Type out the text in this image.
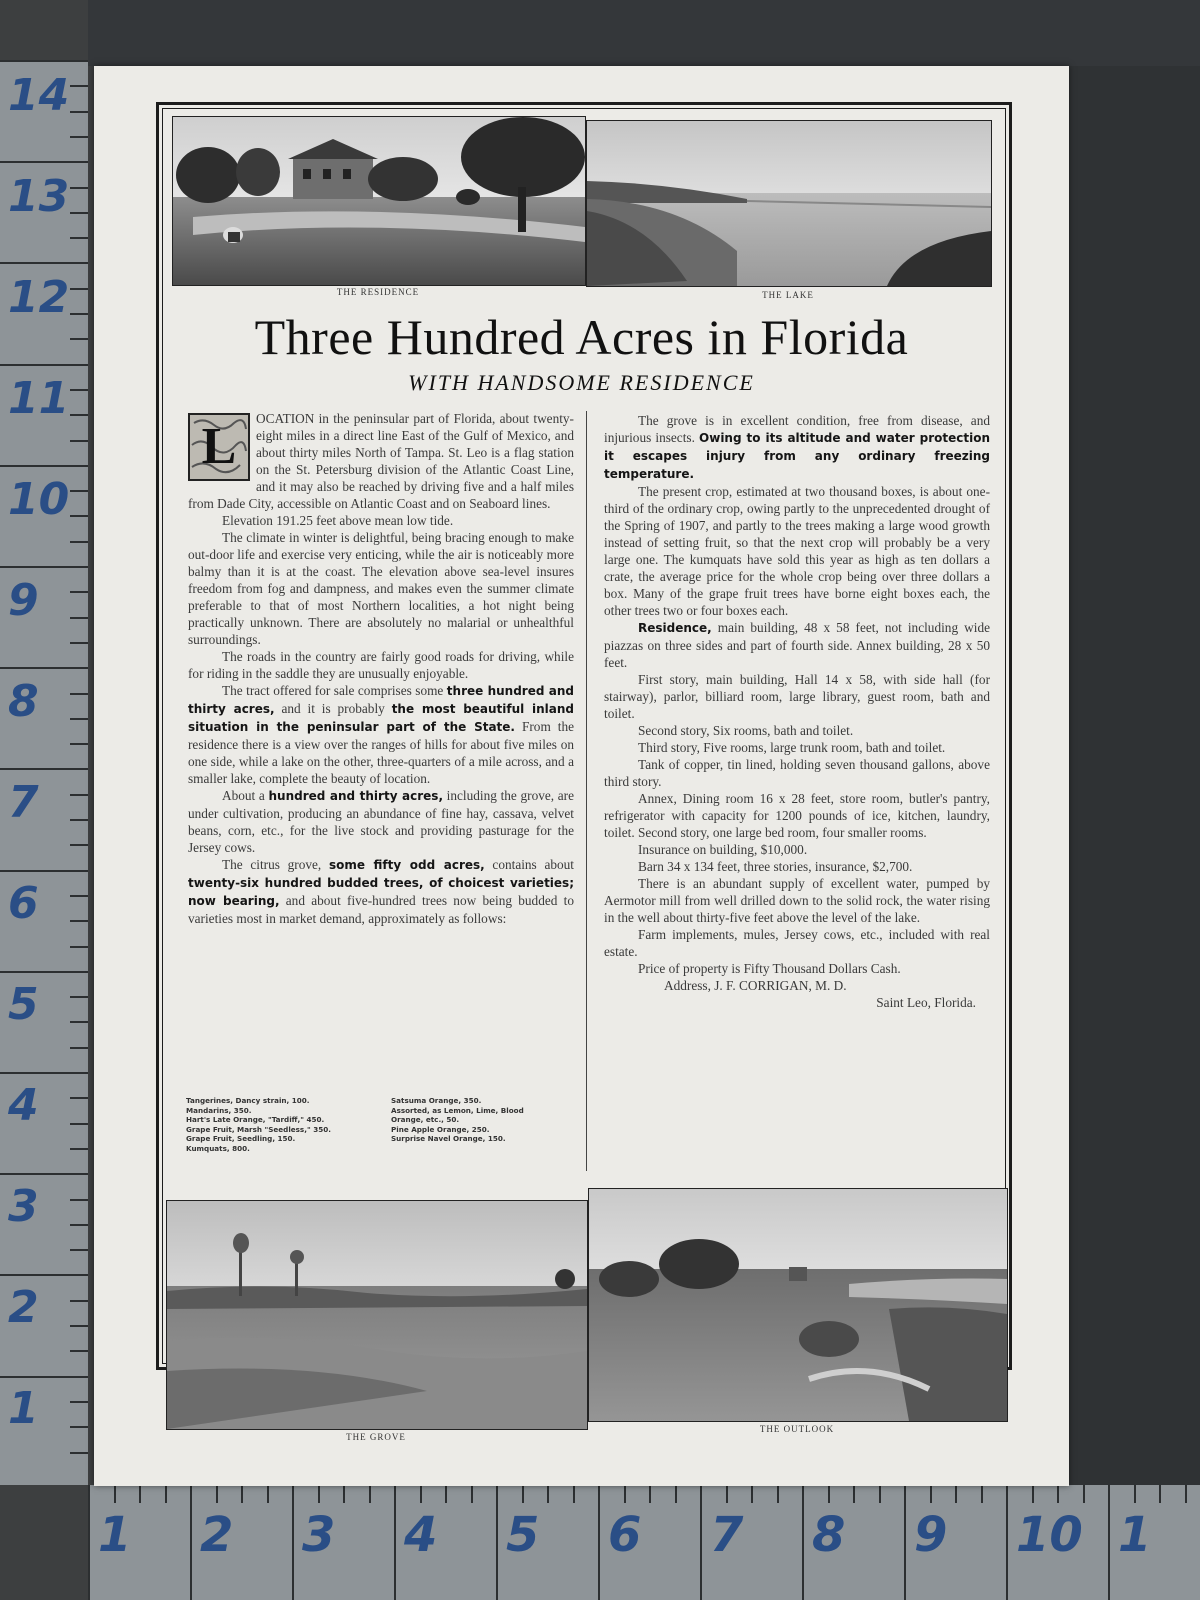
14
13
12
11
10
9
8
7
6
5
4
3
2
1
1 2 3 4 5 6 7 8 9 10 1
THE RESIDENCE	THE LAKE
Three Hundred Acres in Florida
WITH HANDSOME RESIDENCE
L	OCATION in the peninsular part of Florida, about twenty-eight miles in a direct line East of the Gulf of Mexico, and about thirty miles North of Tampa. St. Leo is a flag station on the St. Petersburg division of the Atlantic Coast Line, and it may also be reached by driving five and a half miles from Dade City, accessible on Atlantic Coast and on Seaboard lines.

Elevation 191.25 feet above mean low tide.

The climate in winter is delightful, being bracing enough to make out-door life and exercise very enticing, while the air is noticeably more balmy than it is at the coast. The elevation above sea-level insures freedom from fog and dampness, and makes even the summer climate preferable to that of most Northern localities, a hot night being practically unknown. There are absolutely no malarial or unhealthful surroundings.

The roads in the country are fairly good roads for driving, while for riding in the saddle they are unusually enjoyable.

The tract offered for sale comprises some three hundred and thirty acres, and it is probably the most beautiful inland situation in the peninsular part of the State. From the residence there is a view over the ranges of hills for about five miles on one side, while a lake on the other, three-quarters of a mile across, and a smaller lake, complete the beauty of location.

About a hundred and thirty acres, including the grove, are under cultivation, producing an abundance of fine hay, cassava, velvet beans, corn, etc., for the live stock and providing pasturage for the Jersey cows.

The citrus grove, some fifty odd acres, contains about twenty-six hundred budded trees, of choicest varieties; now bearing, and about five-hundred trees now being budded to varieties most in market demand, approximately as follows:

Tangerines, Dancy strain, 100.
Mandarins, 350.
Hart's Late Orange, "Tardiff," 450.
Grape Fruit, Marsh "Seedless," 350.
Grape Fruit, Seedling, 150.
Kumquats, 800.
Satsuma Orange, 350.
Assorted, as Lemon, Lime, Blood
Orange, etc., 50.
Pine Apple Orange, 250.
Surprise Navel Orange, 150.

The grove is in excellent condition, free from disease, and injurious insects. Owing to its altitude and water protection it escapes injury from any ordinary freezing temperature.

The present crop, estimated at two thousand boxes, is about one-third of the ordinary crop, owing partly to the unprecedented drought of the Spring of 1907, and partly to the trees making a large wood growth instead of setting fruit, so that the next crop will probably be a very large one. The kumquats have sold this year as high as ten dollars a crate, the average price for the whole crop being over three dollars a box. Many of the grape fruit trees have borne eight boxes each, the other trees two or four boxes each.

Residence, main building, 48 x 58 feet, not including wide piazzas on three sides and part of fourth side. Annex building, 28 x 50 feet.

First story, main building, Hall 14 x 58, with side hall (for stairway), parlor, billiard room, large library, guest room, bath and toilet.

Second story, Six rooms, bath and toilet.

Third story, Five rooms, large trunk room, bath and toilet.

Tank of copper, tin lined, holding seven thousand gallons, above third story.

Annex, Dining room 16 x 28 feet, store room, butler's pantry, refrigerator with capacity for 1200 pounds of ice, kitchen, laundry, toilet. Second story, one large bed room, four smaller rooms.

Insurance on building, $10,000.

Barn 34 x 134 feet, three stories, insurance, $2,700.

There is an abundant supply of excellent water, pumped by Aermotor mill from well drilled down to the solid rock, the water rising in the well about thirty-five feet above the level of the lake.

Farm implements, mules, Jersey cows, etc., included with real estate.

Price of property is Fifty Thousand Dollars Cash.

Address, J. F. CORRIGAN, M. D.

Saint Leo, Florida.

THE GROVE
THE OUTLOOK
